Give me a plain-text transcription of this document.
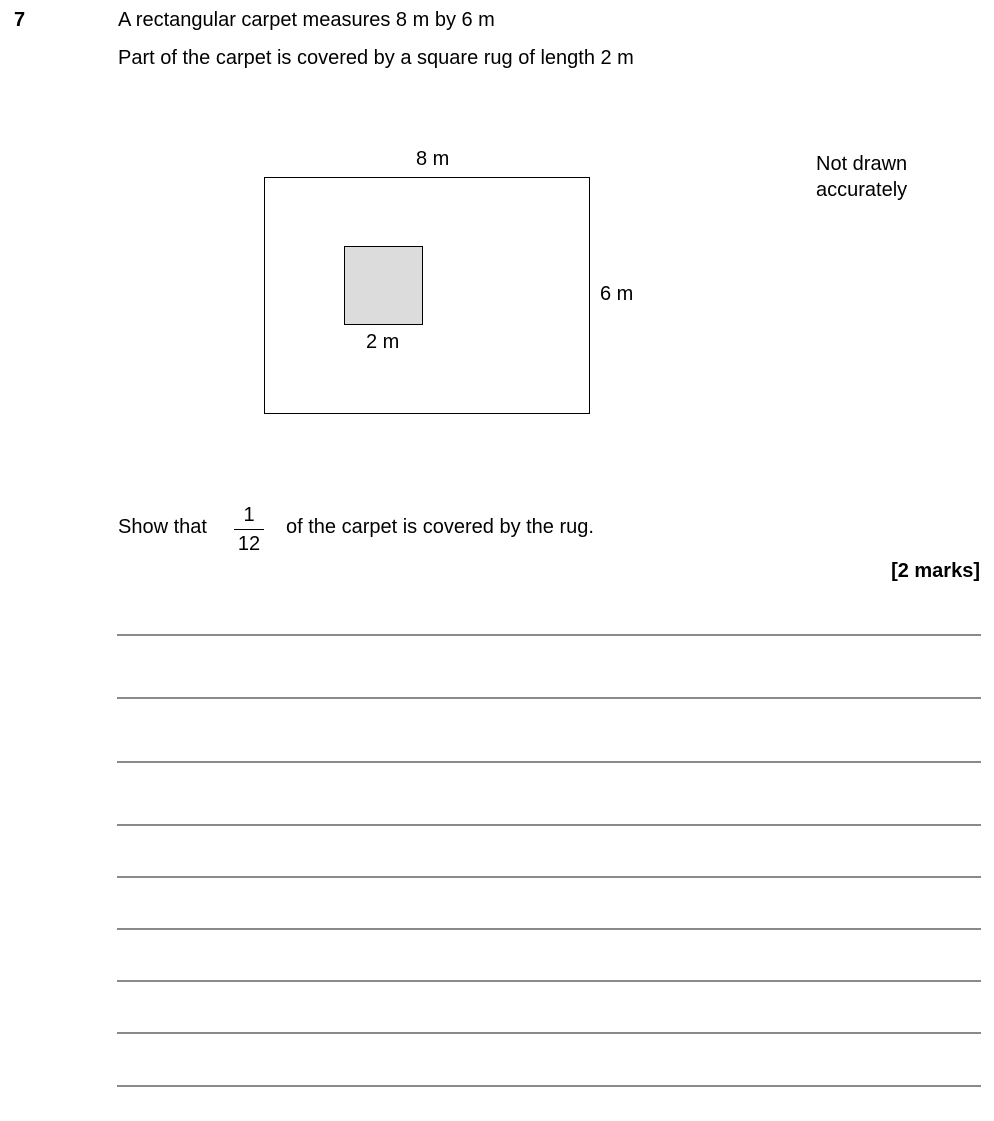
7	A rectangular carpet measures 8 m by 6 m
Part of the carpet is covered by a square rug of length 2 m
8 m
6 m
2 m
Not drawn
accurately
Show that
1
12
of the carpet is covered by the rug.
[2 marks]
